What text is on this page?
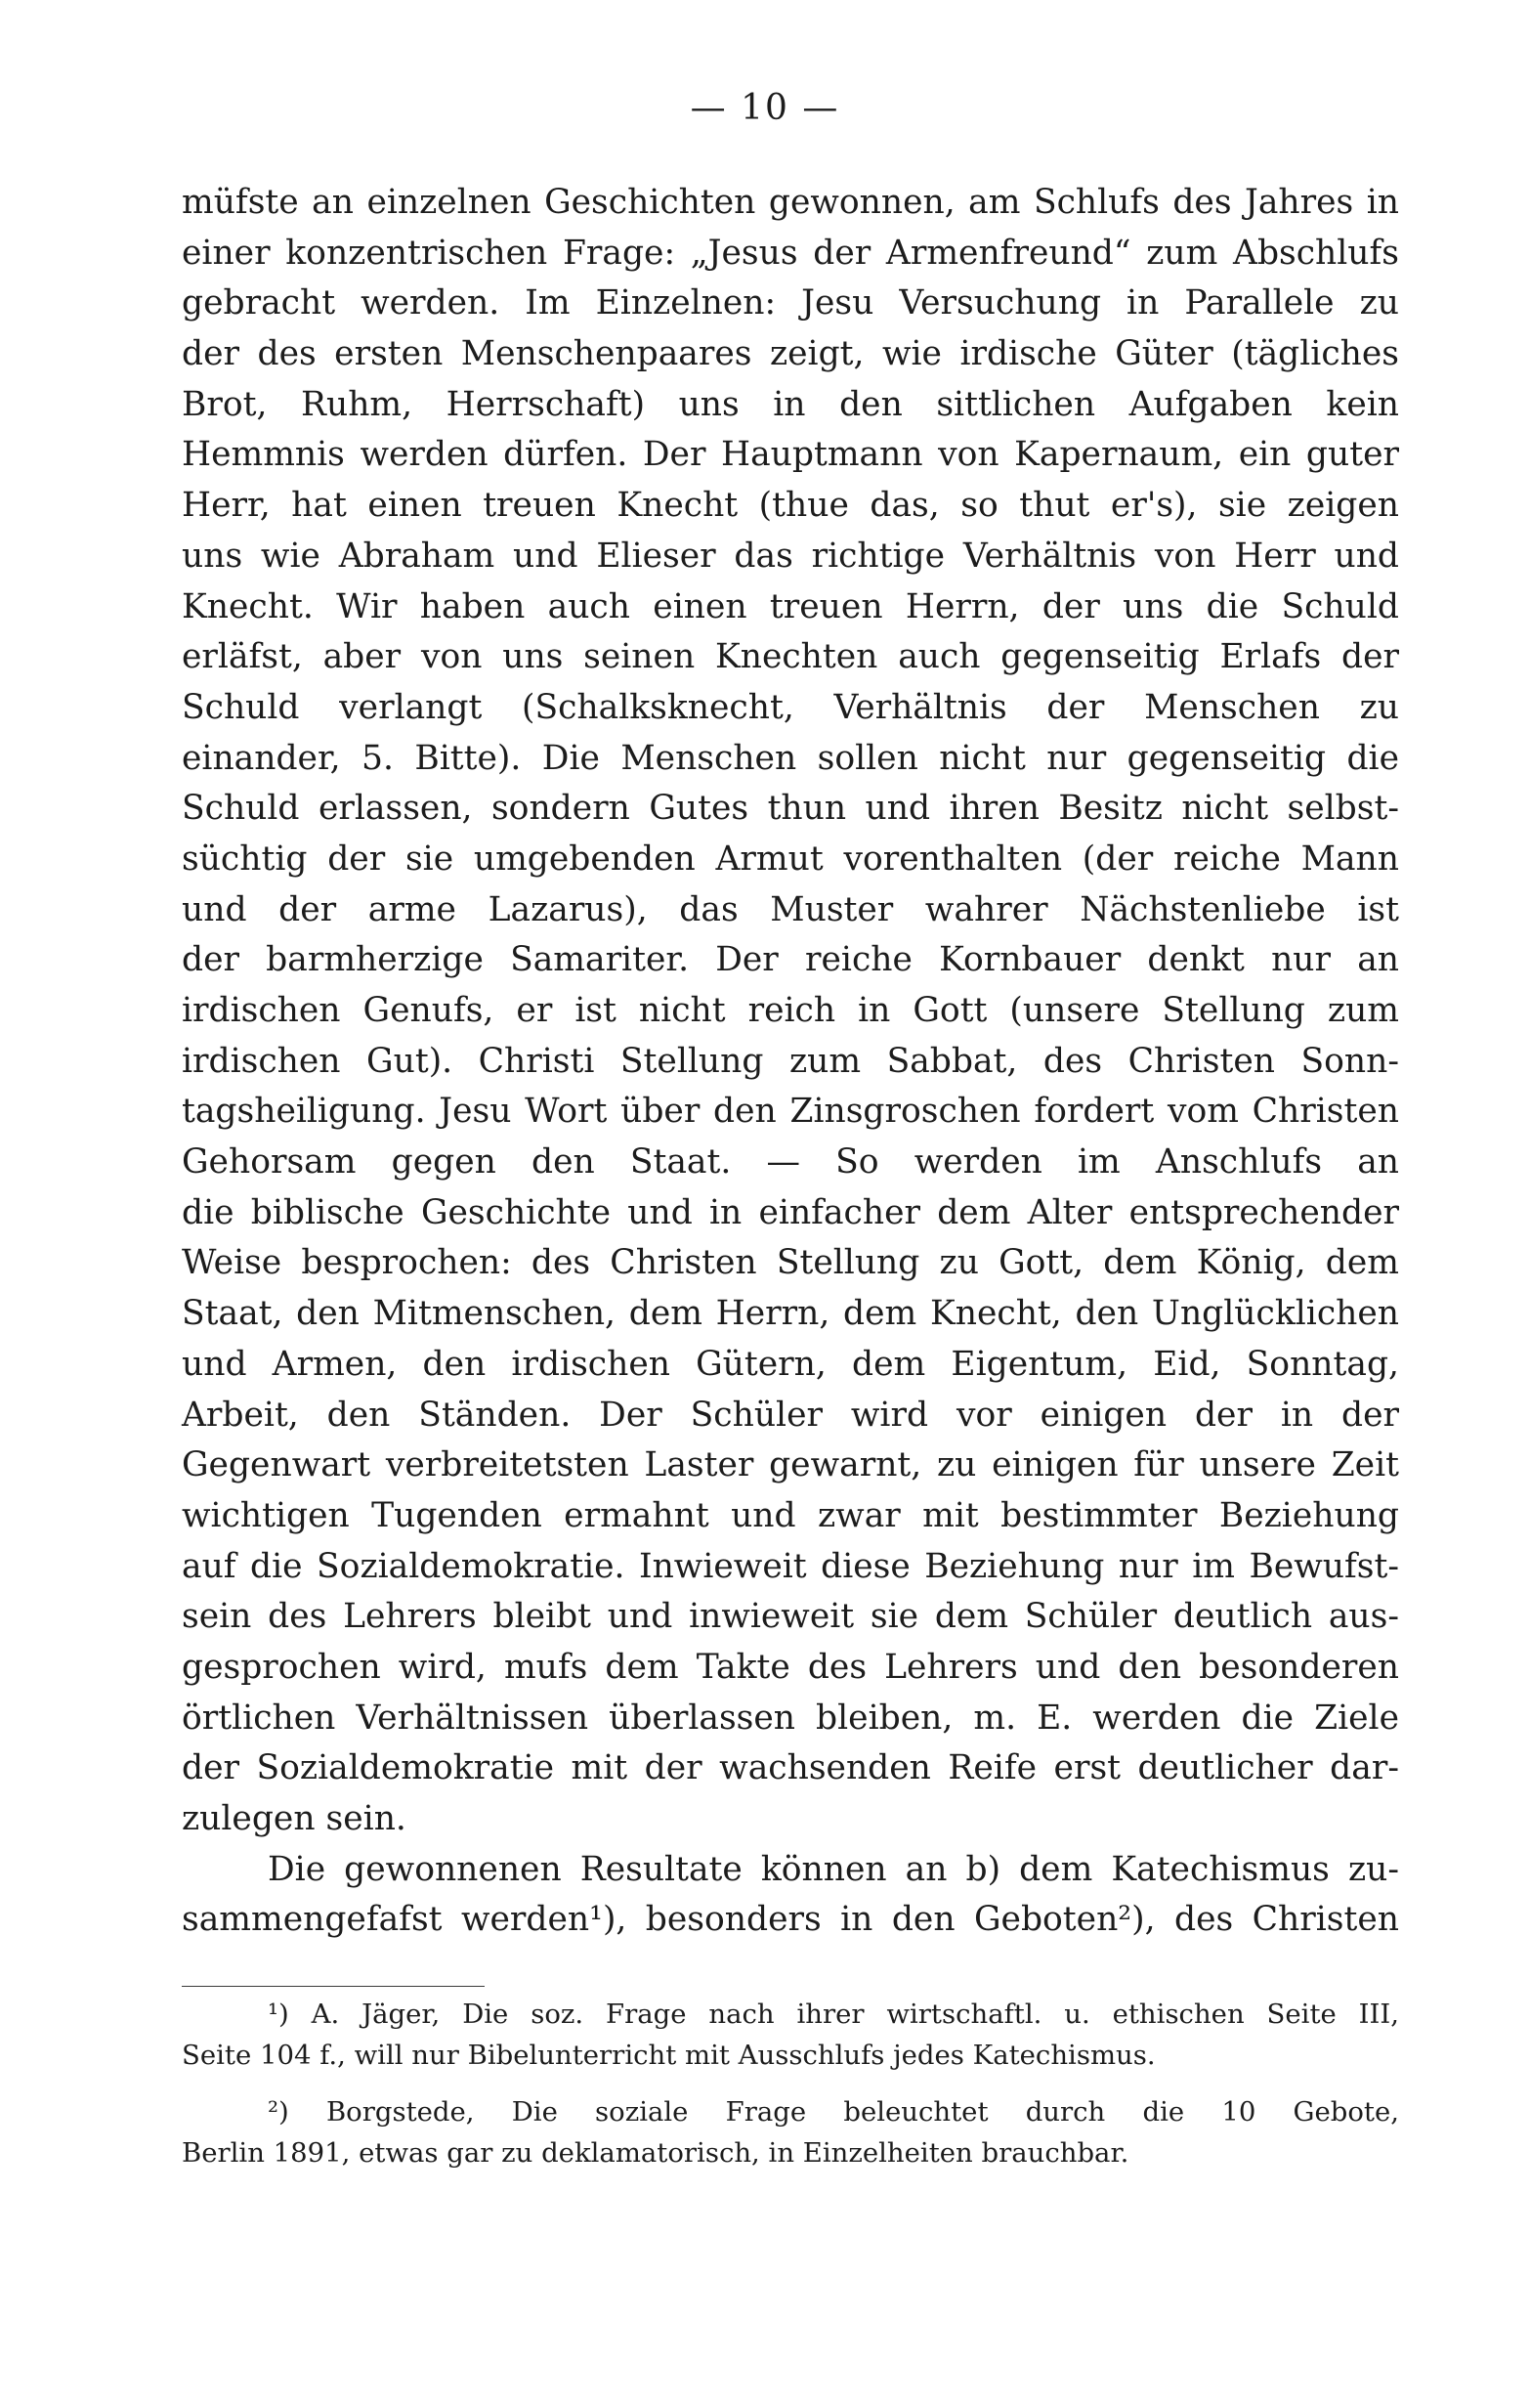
— 10 —
müfste an einzelnen Geschichten gewonnen, am Schlufs des Jahres in
einer konzentrischen Frage: „Jesus der Armenfreund“ zum Abschlufs
gebracht werden. Im Einzelnen: Jesu Versuchung in Parallele zu
der des ersten Menschenpaares zeigt, wie irdische Güter (tägliches
Brot, Ruhm, Herrschaft) uns in den sittlichen Aufgaben kein
Hemmnis werden dürfen. Der Hauptmann von Kapernaum, ein guter
Herr, hat einen treuen Knecht (thue das, so thut er's), sie zeigen
uns wie Abraham und Elieser das richtige Verhältnis von Herr und
Knecht. Wir haben auch einen treuen Herrn, der uns die Schuld
erläfst, aber von uns seinen Knechten auch gegenseitig Erlafs der
Schuld verlangt (Schalksknecht, Verhältnis der Menschen zu
einander, 5. Bitte). Die Menschen sollen nicht nur gegenseitig die
Schuld erlassen, sondern Gutes thun und ihren Besitz nicht selbst-
süchtig der sie umgebenden Armut vorenthalten (der reiche Mann
und der arme Lazarus), das Muster wahrer Nächstenliebe ist
der barmherzige Samariter. Der reiche Kornbauer denkt nur an
irdischen Genufs, er ist nicht reich in Gott (unsere Stellung zum
irdischen Gut). Christi Stellung zum Sabbat, des Christen Sonn-
tagsheiligung. Jesu Wort über den Zinsgroschen fordert vom Christen
Gehorsam gegen den Staat. — So werden im Anschlufs an
die biblische Geschichte und in einfacher dem Alter entsprechender
Weise besprochen: des Christen Stellung zu Gott, dem König, dem
Staat, den Mitmenschen, dem Herrn, dem Knecht, den Unglücklichen
und Armen, den irdischen Gütern, dem Eigentum, Eid, Sonntag,
Arbeit, den Ständen. Der Schüler wird vor einigen der in der
Gegenwart verbreitetsten Laster gewarnt, zu einigen für unsere Zeit
wichtigen Tugenden ermahnt und zwar mit bestimmter Beziehung
auf die Sozialdemokratie. Inwieweit diese Beziehung nur im Bewufst-
sein des Lehrers bleibt und inwieweit sie dem Schüler deutlich aus-
gesprochen wird, mufs dem Takte des Lehrers und den besonderen
örtlichen Verhältnissen überlassen bleiben, m. E. werden die Ziele
der Sozialdemokratie mit der wachsenden Reife erst deutlicher dar-
zulegen sein.
Die gewonnenen Resultate können an b) dem Katechismus zu-
sammengefafst werden¹), besonders in den Geboten²), des Christen
¹) A. Jäger, Die soz. Frage nach ihrer wirtschaftl. u. ethischen Seite III,
Seite 104 f., will nur Bibelunterricht mit Ausschlufs jedes Katechismus.
²) Borgstede, Die soziale Frage beleuchtet durch die 10 Gebote,
Berlin 1891, etwas gar zu deklamatorisch, in Einzelheiten brauchbar.
